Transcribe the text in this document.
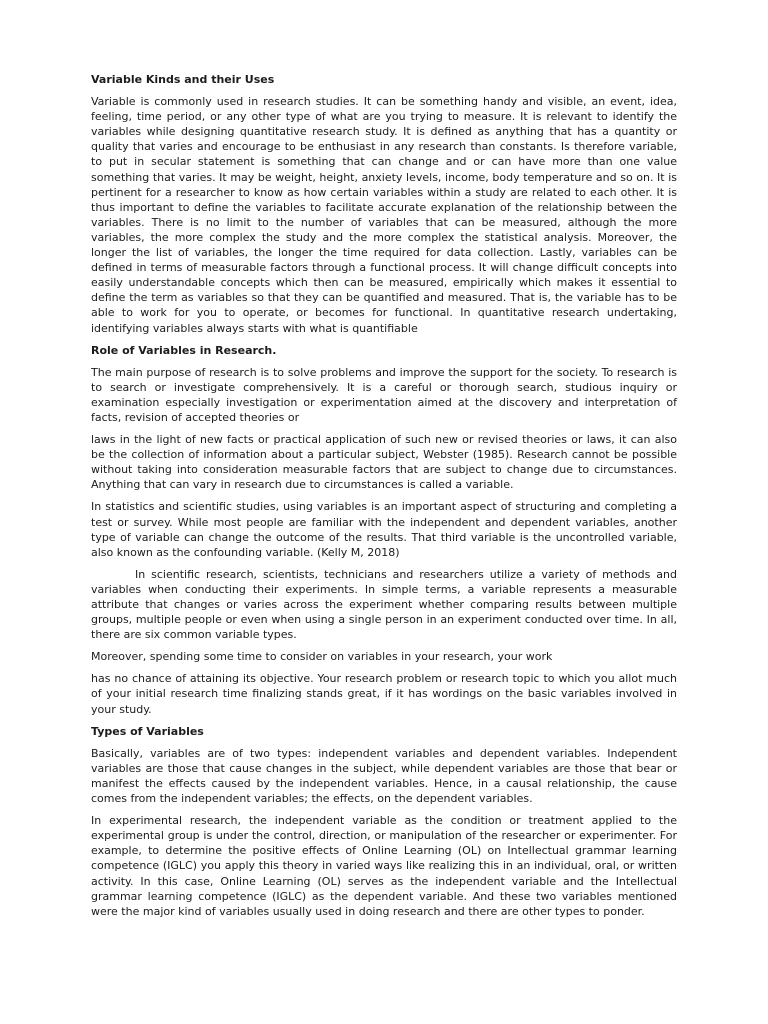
Variable Kinds and their Uses

Variable is commonly used in research studies. It can be something handy and visible, an event, idea, feeling, time period, or any other type of what are you trying to measure. It is relevant to identify the variables while designing quantitative research study. It is defined as anything that has a quantity or quality that varies and encourage to be enthusiast in any research than constants. Is therefore variable, to put in secular statement is something that can change and or can have more than one value something that varies. It may be weight, height, anxiety levels, income, body temperature and so on. It is pertinent for a researcher to know as how certain variables within a study are related to each other. It is thus important to define the variables to facilitate accurate explanation of the relationship between the variables. There is no limit to the number of variables that can be measured, although the more variables, the more complex the study and the more complex the statistical analysis. Moreover, the longer the list of variables, the longer the time required for data collection. Lastly, variables can be defined in terms of measurable factors through a functional process. It will change difficult concepts into easily understandable concepts which then can be measured, empirically which makes it essential to define the term as variables so that they can be quantified and measured. That is, the variable has to be able to work for you to operate, or becomes for functional. In quantitative research undertaking, identifying variables always starts with what is quantifiable

Role of Variables in Research.

The main purpose of research is to solve problems and improve the support for the society. To research is to search or investigate comprehensively. It is a careful or thorough search, studious inquiry or examination especially investigation or experimentation aimed at the discovery and interpretation of facts, revision of accepted theories or

laws in the light of new facts or practical application of such new or revised theories or laws, it can also be the collection of information about a particular subject, Webster (1985). Research cannot be possible without taking into consideration measurable factors that are subject to change due to circumstances. Anything that can vary in research due to circumstances is called a variable.

In statistics and scientific studies, using variables is an important aspect of structuring and completing a test or survey. While most people are familiar with the independent and dependent variables, another type of variable can change the outcome of the results. That third variable is the uncontrolled variable, also known as the confounding variable. (Kelly M, 2018)

In scientific research, scientists, technicians and researchers utilize a variety of methods and variables when conducting their experiments. In simple terms, a variable represents a measurable attribute that changes or varies across the experiment whether comparing results between multiple groups, multiple people or even when using a single person in an experiment conducted over time. In all, there are six common variable types.

Moreover, spending some time to consider on variables in your research, your work

has no chance of attaining its objective. Your research problem or research topic to which you allot much of your initial research time finalizing stands great, if it has wordings on the basic variables involved in your study.

Types of Variables

Basically, variables are of two types: independent variables and dependent variables. Independent variables are those that cause changes in the subject, while dependent variables are those that bear or manifest the effects caused by the independent variables. Hence, in a causal relationship, the cause comes from the independent variables; the effects, on the dependent variables.

In experimental research, the independent variable as the condition or treatment applied to the experimental group is under the control, direction, or manipulation of the researcher or experimenter. For example, to determine the positive effects of Online Learning (OL) on Intellectual grammar learning competence (IGLC) you apply this theory in varied ways like realizing this in an individual, oral, or written activity. In this case, Online Learning (OL) serves as the independent variable and the Intellectual grammar learning competence (IGLC) as the dependent variable. And these two variables mentioned were the major kind of variables usually used in doing research and there are other types to ponder.
